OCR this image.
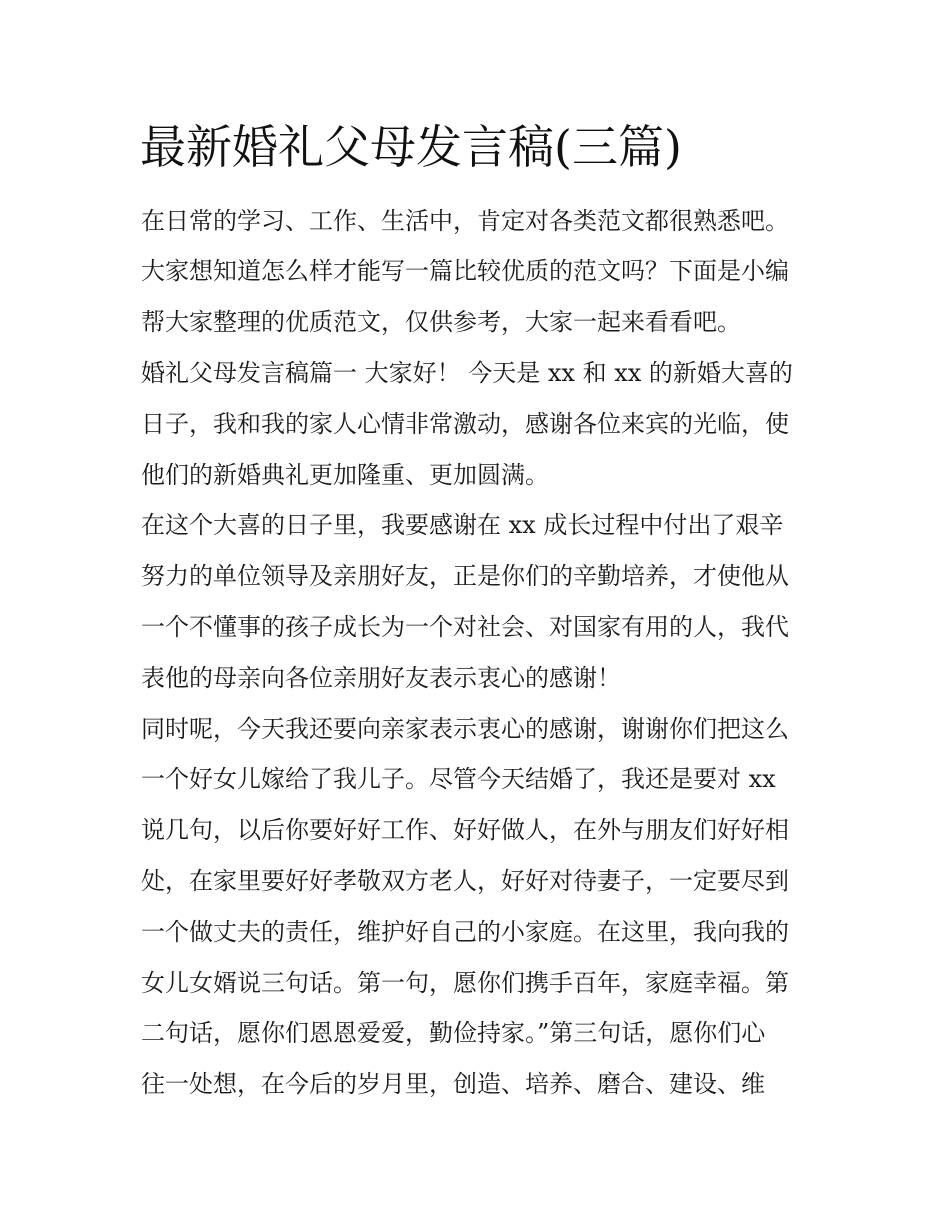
最新婚礼父母发言稿(三篇)

在日常的学习、工作、生活中，肯定对各类范文都很熟悉吧。

大家想知道怎么样才能写一篇比较优质的范文吗？下面是小编

帮大家整理的优质范文，仅供参考，大家一起来看看吧。

婚礼父母发言稿篇一 大家好！ 今天是 xx 和 xx 的新婚大喜的

日子，我和我的家人心情非常激动，感谢各位来宾的光临，使

他们的新婚典礼更加隆重、更加圆满。

在这个大喜的日子里，我要感谢在 xx 成长过程中付出了艰辛

努力的单位领导及亲朋好友，正是你们的辛勤培养，才使他从

一个不懂事的孩子成长为一个对社会、对国家有用的人，我代

表他的母亲向各位亲朋好友表示衷心的感谢！

同时呢，今天我还要向亲家表示衷心的感谢，谢谢你们把这么

一个好女儿嫁给了我儿子。尽管今天结婚了，我还是要对 xx

说几句，以后你要好好工作、好好做人，在外与朋友们好好相

处，在家里要好好孝敬双方老人，好好对待妻子，一定要尽到

一个做丈夫的责任，维护好自己的小家庭。在这里，我向我的

女儿女婿说三句话。第一句，愿你们携手百年，家庭幸福。第

二句话，愿你们恩恩爱爱，勤俭持家。”第三句话，愿你们心

往一处想，在今后的岁月里，创造、培养、磨合、建设、维
